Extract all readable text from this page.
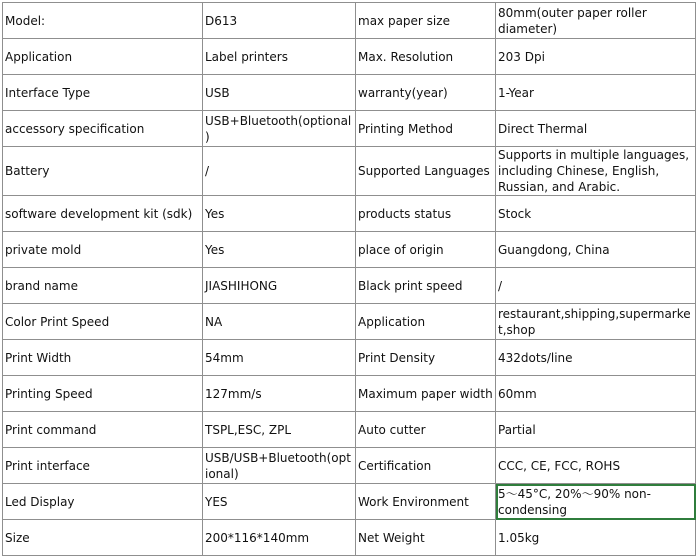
Model:	D613	max paper size	80mm(outer paper roller diameter)
Application	Label printers	Max. Resolution	203 Dpi
Interface Type	USB	warranty(year)	1-Year
accessory specification	USB+Bluetooth(optional)	Printing Method	Direct Thermal
Battery	/	Supported Languages	Supports in multiple languages, including Chinese, English, Russian, and Arabic.
software development kit (sdk)	Yes	products status	Stock
private mold	Yes	place of origin	Guangdong, China
brand name	JIASHIHONG	Black print speed	/
Color Print Speed	NA	Application	restaurant,shipping,supermarket,shop
Print Width	54mm	Print Density	432dots/line
Printing Speed	127mm/s	Maximum paper width	60mm
Print command	TSPL,ESC, ZPL	Auto cutter	Partial
Print interface	USB/USB+Bluetooth(optional)	Certification	CCC, CE, FCC, ROHS
Led Display	YES	Work Environment	5～45°C, 20%～90% non-condensing
Size	200*116*140mm	Net Weight	1.05kg
